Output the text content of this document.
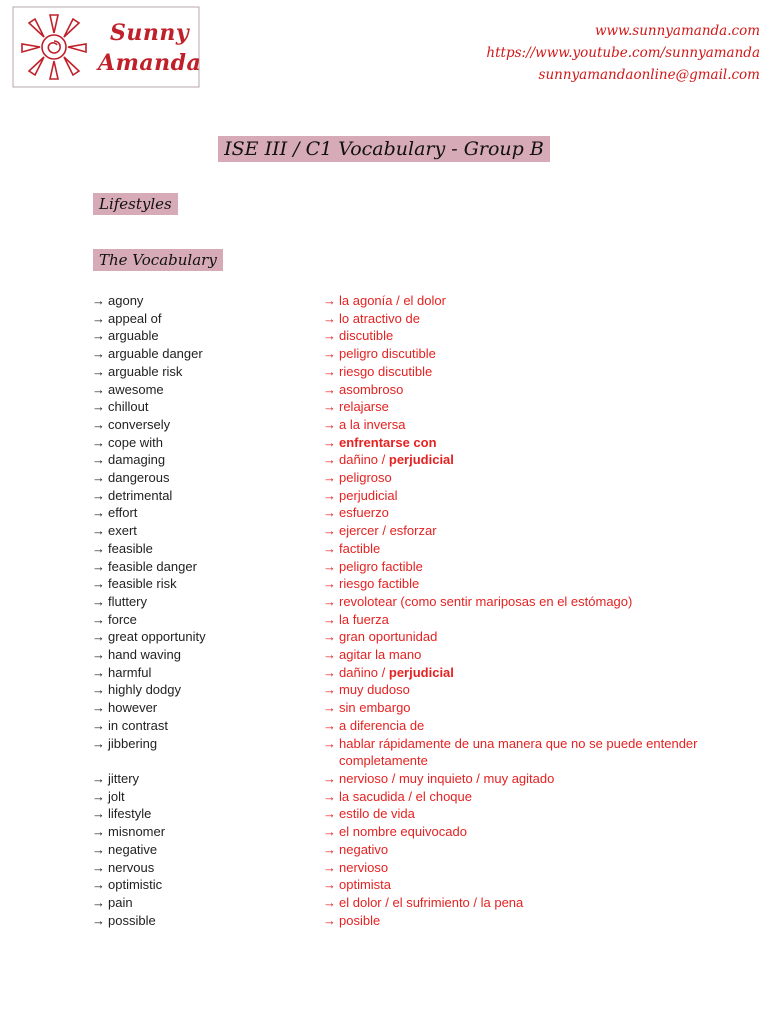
Sunny
Amanda
www.sunnyamanda.com
https://www.youtube.com/sunnyamanda
sunnyamandaonline@gmail.com
ISE III / C1 Vocabulary - Group B
Lifestyles
The Vocabulary
→ agony	→ la agonía / el dolor
→ appeal of	→ lo atractivo de
→ arguable	→ discutible
→ arguable danger	→ peligro discutible
→ arguable risk	→ riesgo discutible
→ awesome	→ asombroso
→ chillout	→ relajarse
→ conversely	→ a la inversa
→ cope with	→ enfrentarse con
→ damaging	→ dañino / perjudicial
→ dangerous	→ peligroso
→ detrimental	→ perjudicial
→ effort	→ esfuerzo
→ exert	→ ejercer / esforzar
→ feasible	→ factible
→ feasible danger	→ peligro factible
→ feasible risk	→ riesgo factible
→ fluttery	→ revolotear (como sentir mariposas en el estómago)
→ force	→ la fuerza
→ great opportunity	→ gran oportunidad
→ hand waving	→ agitar la mano
→ harmful	→ dañino / perjudicial
→ highly dodgy	→ muy dudoso
→ however	→ sin embargo
→ in contrast	→ a diferencia de
→ jibbering	→ hablar rápidamente de una manera que no se puede entender completamente
→ jittery	→ nervioso / muy inquieto / muy agitado
→ jolt	→ la sacudida / el choque
→ lifestyle	→ estilo de vida
→ misnomer	→ el nombre equivocado
→ negative	→ negativo
→ nervous	→ nervioso
→ optimistic	→ optimista
→ pain	→ el dolor / el sufrimiento / la pena
→ possible	→ posible
